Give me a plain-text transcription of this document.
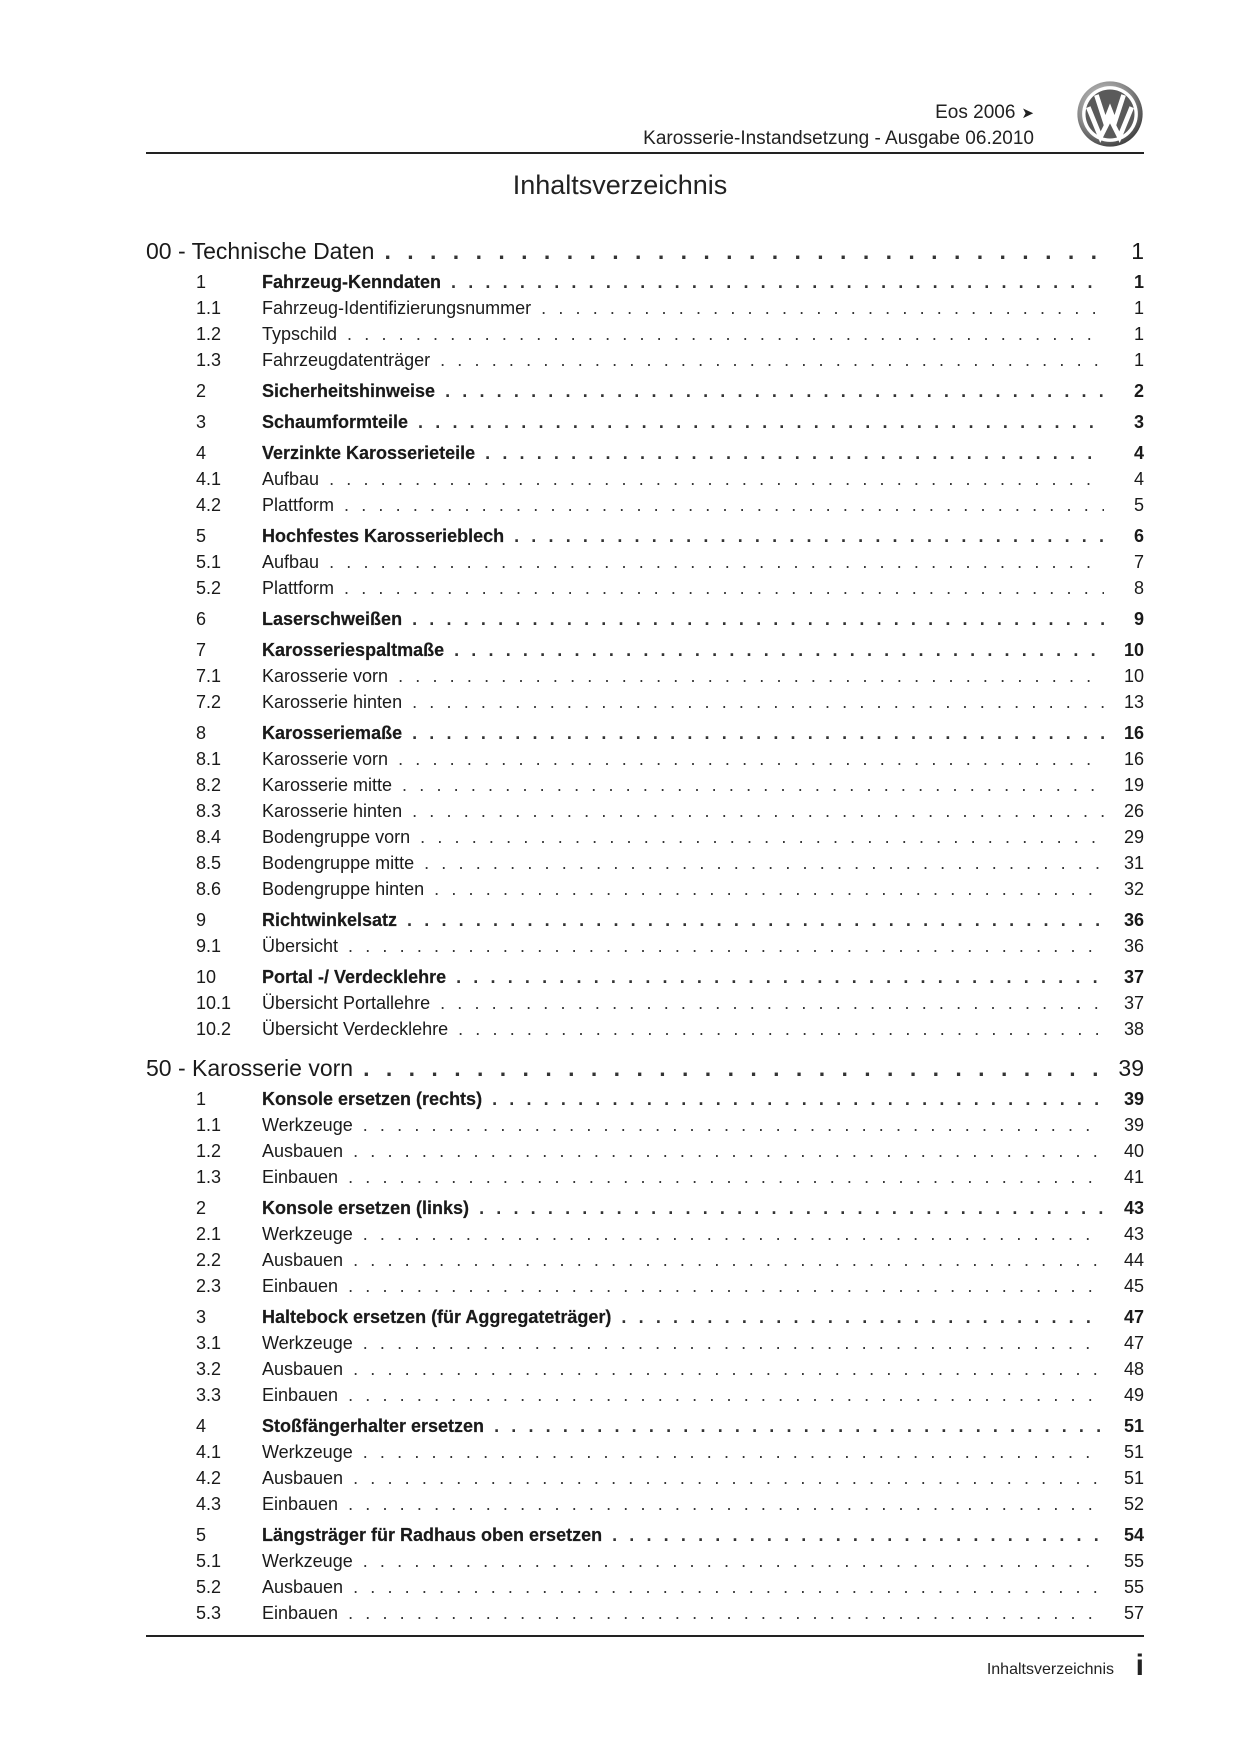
Eos 2006 ➤
Karosserie-Instandsetzung - Ausgabe 06.2010
Inhaltsverzeichnis
00 - Technische Daten . . .	1
1	Fahrzeug-Kenndaten . . .	1
1.1	Fahrzeug-Identifizierungsnummer . . .	1
1.2	Typschild . . .	1
1.3	Fahrzeugdatenträger . . .	1
2	Sicherheitshinweise . . .	2
3	Schaumformteile . . .	3
4	Verzinkte Karosserieteile . . .	4
4.1	Aufbau . . .	4
4.2	Plattform . . .	5
5	Hochfestes Karosserieblech . . .	6
5.1	Aufbau . . .	7
5.2	Plattform . . .	8
6	Laserschweißen . . .	9
7	Karosseriespaltmaße . . .	10
7.1	Karosserie vorn . . .	10
7.2	Karosserie hinten . . .	13
8	Karosseriemaße . . .	16
8.1	Karosserie vorn . . .	16
8.2	Karosserie mitte . . .	19
8.3	Karosserie hinten . . .	26
8.4	Bodengruppe vorn . . .	29
8.5	Bodengruppe mitte . . .	31
8.6	Bodengruppe hinten . . .	32
9	Richtwinkelsatz . . .	36
9.1	Übersicht . . .	36
10	Portal -/ Verdecklehre . . .	37
10.1	Übersicht Portallehre . . .	37
10.2	Übersicht Verdecklehre . . .	38
50 - Karosserie vorn . . .	39
1	Konsole ersetzen (rechts) . . .	39
1.1	Werkzeuge . . .	39
1.2	Ausbauen . . .	40
1.3	Einbauen . . .	41
2	Konsole ersetzen (links) . . .	43
2.1	Werkzeuge . . .	43
2.2	Ausbauen . . .	44
2.3	Einbauen . . .	45
3	Haltebock ersetzen (für Aggregateträger) . . .	47
3.1	Werkzeuge . . .	47
3.2	Ausbauen . . .	48
3.3	Einbauen . . .	49
4	Stoßfängerhalter ersetzen . . .	51
4.1	Werkzeuge . . .	51
4.2	Ausbauen . . .	51
4.3	Einbauen . . .	52
5	Längsträger für Radhaus oben ersetzen . . .	54
5.1	Werkzeuge . . .	55
5.2	Ausbauen . . .	55
5.3	Einbauen . . .	57
Inhaltsverzeichnis i
